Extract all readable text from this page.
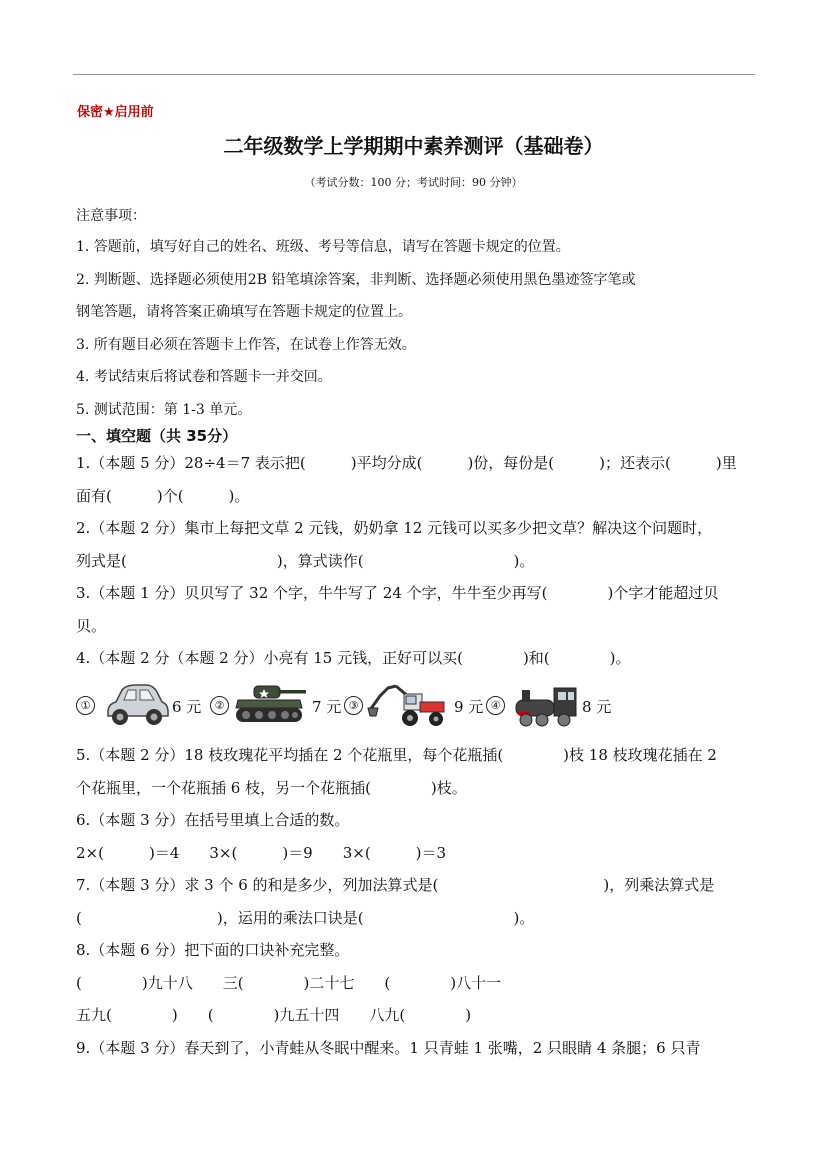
保密★启用前
二年级数学上学期期中素养测评（基础卷）
（考试分数：100 分；考试时间：90 分钟）
注意事项：
1. 答题前，填写好自己的姓名、班级、考号等信息，请写在答题卡规定的位置。
2. 判断题、选择题必须使用2B 铅笔填涂答案，非判断、选择题必须使用黑色墨迹签字笔或
钢笔答题，请将答案正确填写在答题卡规定的位置上。
3. 所有题目必须在答题卡上作答，在试卷上作答无效。
4. 考试结束后将试卷和答题卡一并交回。
5. 测试范围：第 1-3 单元。
一、填空题（共 35分）
1.（本题 5 分）28÷4＝7 表示把(　　　)平均分成(　　　)份，每份是(　　　)；还表示(　　　)里
面有(　　　)个(　　　)。
2.（本题 2 分）集市上每把文草 2 元钱，奶奶拿 12 元钱可以买多少把文草？解决这个问题时，
列式是(　　　　　　　　　　)，算式读作(　　　　　　　　　　)。
3.（本题 1 分）贝贝写了 32 个字，牛牛写了 24 个字，牛牛至少再写(　　　　)个字才能超过贝
贝。
4.（本题 2 分（本题 2 分）小亮有 15 元钱，正好可以买(　　　　)和(　　　　)。
①	6 元	②	7 元 ③	9 元 ④	8 元
5.（本题 2 分）18 枝玫瑰花平均插在 2 个花瓶里，每个花瓶插(　　　　)枝 18 枝玫瑰花插在 2
个花瓶里，一个花瓶插 6 枝，另一个花瓶插(　　　　)枝。
6.（本题 3 分）在括号里填上合适的数。
2×(　　　)＝4　　3×(　　　)＝9　　3×(　　　)＝3
7.（本题 3 分）求 3 个 6 的和是多少，列加法算式是(　　　　　　　　　　　)，列乘法算式是
(　　　　　　　　　)，运用的乘法口诀是(　　　　　　　　　　)。
8.（本题 6 分）把下面的口诀补充完整。
(　　　　)九十八　　三(　　　　)二十七　　(　　　　)八十一
五九(　　　　)　　(　　　　)九五十四　　八九(　　　　)
9.（本题 3 分）春天到了，小青蛙从冬眠中醒来。1 只青蛙 1 张嘴，2 只眼睛 4 条腿；6 只青
